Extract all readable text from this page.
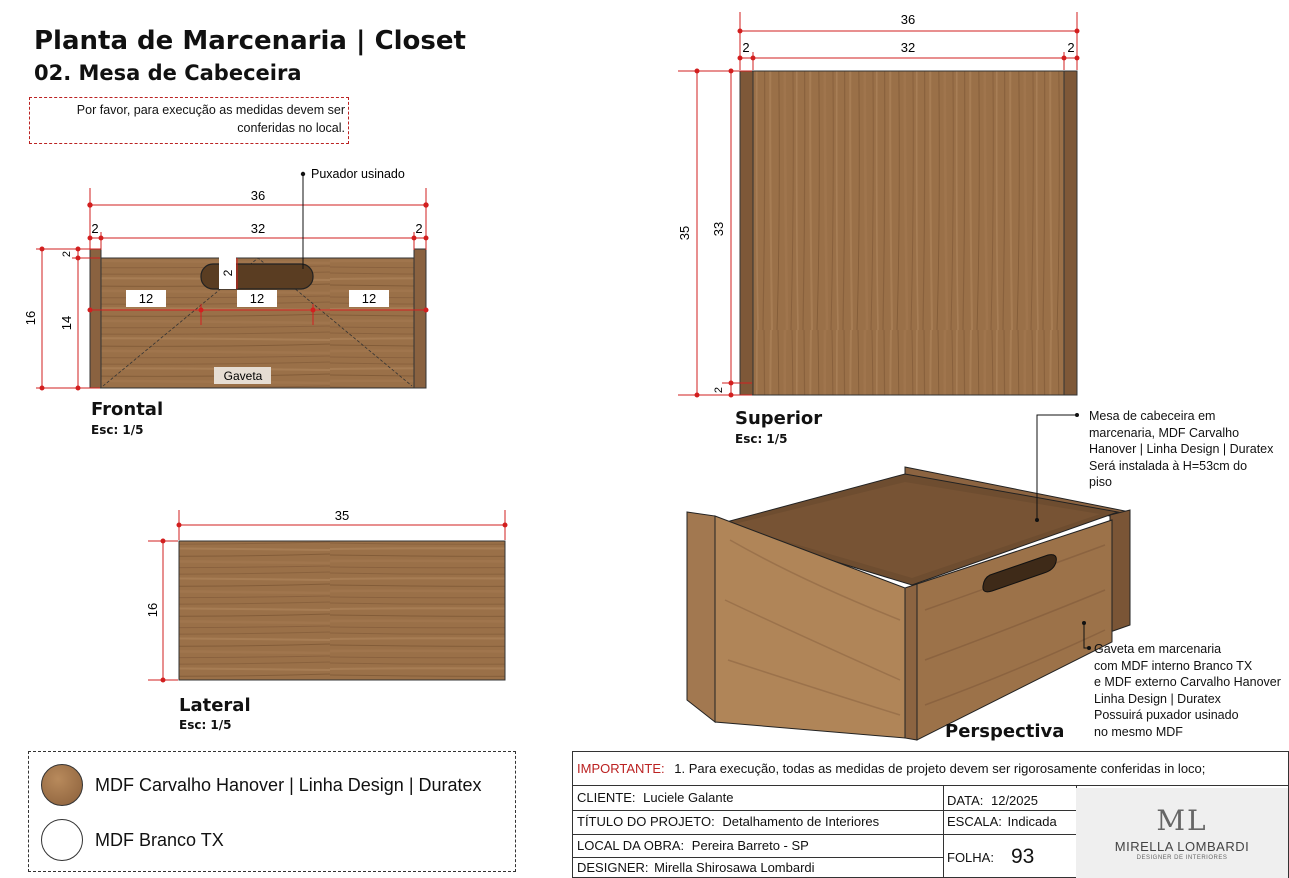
Planta de Marcenaria | Closet
02. Mesa de Cabeceira
Por favor, para execução as medidas devem ser
conferidas no local.
Puxador usinado
36
32
2	2
16 14
2
2
12	12	12
Gaveta
35
16
36
32
2	2
35 33
2
Frontal
Esc: 1/5
Lateral
Esc: 1/5
Superior
Esc: 1/5
Perspectiva
Mesa de cabeceira em
marcenaria, MDF Carvalho
Hanover | Linha Design | Duratex
Será instalada à H=53cm do
piso
Gaveta em marcenaria
com MDF interno Branco TX
e MDF externo Carvalho Hanover
Linha Design | Duratex
Possuirá puxador usinado
no mesmo MDF
MDF Carvalho Hanover | Linha Design | Duratex
MDF Branco TX
ML
MIRELLA LOMBARDI
DESIGNER DE INTERIORES
IMPORTANTE: 1. Para execução, todas as medidas de projeto devem ser rigorosamente conferidas in loco;
CLIENTE: Luciele Galante
TÍTULO DO PROJETO: Detalhamento de Interiores
LOCAL DA OBRA: Pereira Barreto - SP
DESIGNER: Mirella Shirosawa Lombardi
DATA: 12/2025
ESCALA: Indicada
FOLHA: 93
